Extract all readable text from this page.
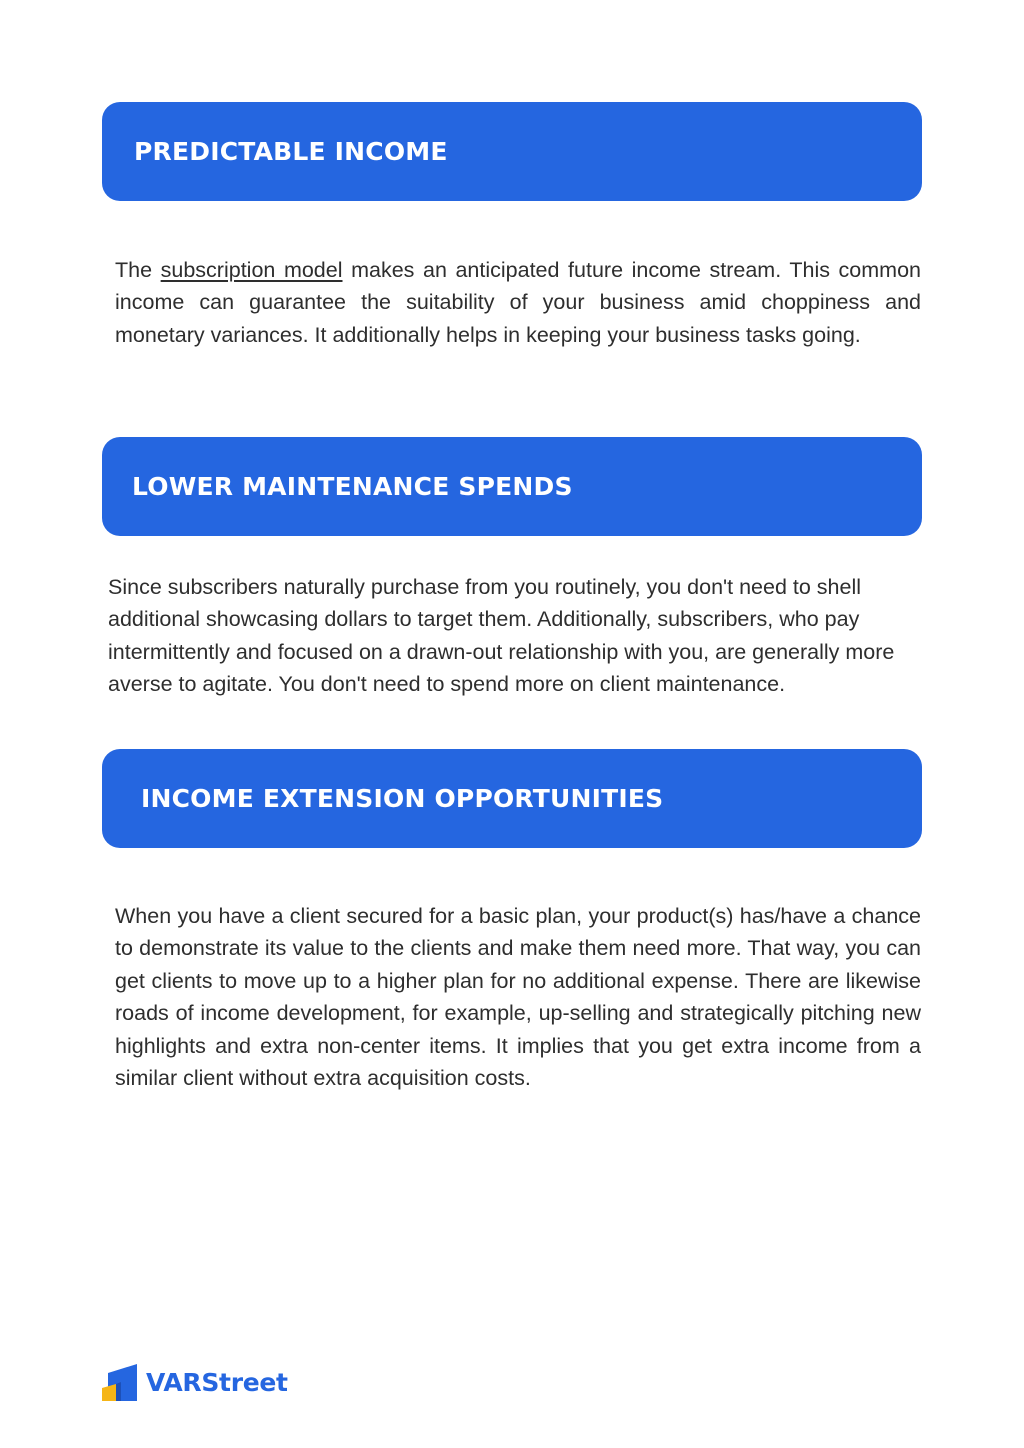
PREDICTABLE INCOME

The subscription model makes an anticipated future income stream. This common income can guarantee the suitability of your business amid choppiness and monetary variances. It additionally helps in keeping your business tasks going.

LOWER MAINTENANCE SPENDS

Since subscribers naturally purchase from you routinely, you don't need to shell additional showcasing dollars to target them. Additionally, subscribers, who pay intermittently and focused on a drawn-out relationship with you, are generally more averse to agitate. You don't need to spend more on client maintenance.

INCOME EXTENSION OPPORTUNITIES

When you have a client secured for a basic plan, your product(s) has/have a chance to demonstrate its value to the clients and make them need more. That way, you can get clients to move up to a higher plan for no additional expense. There are likewise roads of income development, for example, up-selling and strategically pitching new highlights and extra non-center items. It implies that you get extra income from a similar client without extra acquisition costs.

VARStreet
